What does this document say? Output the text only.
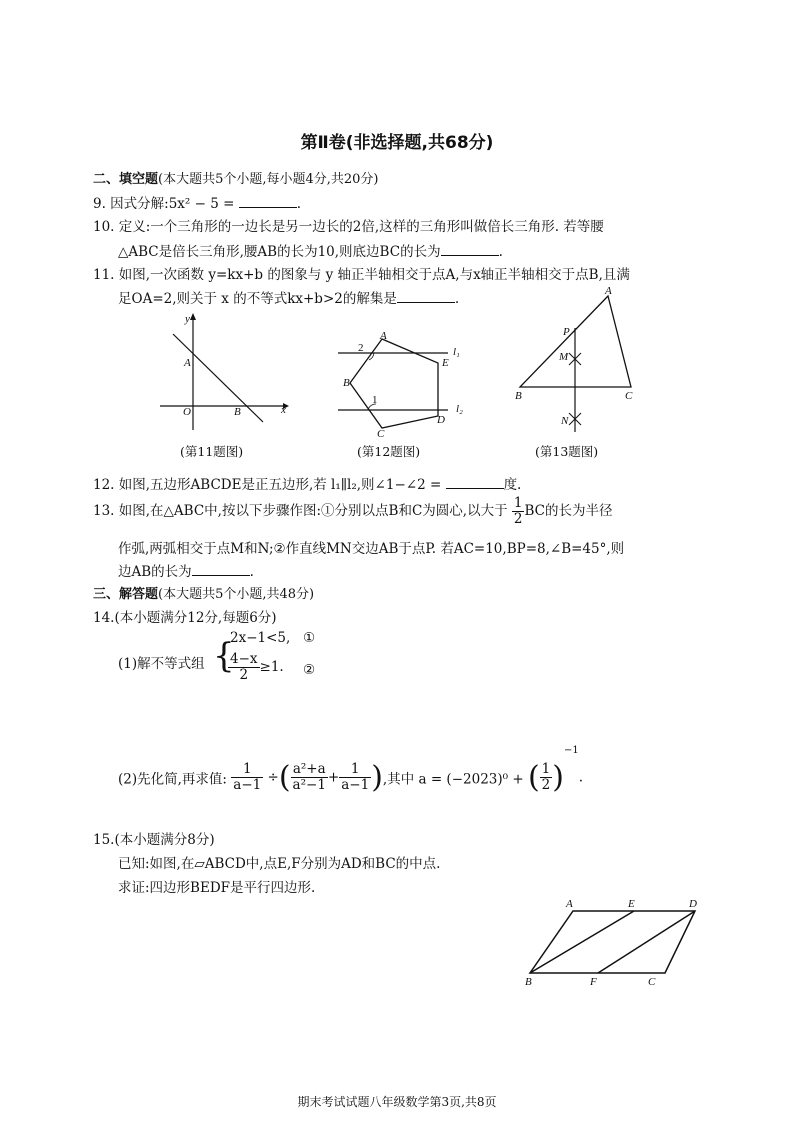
第Ⅱ卷(非选择题,共68分)
二、填空题(本大题共5个小题,每小题4分,共20分)
9. 因式分解:5x² − 5 =	.
10. 定义:一个三角形的一边长是另一边长的2倍,这样的三角形叫做倍长三角形. 若等腰
△ABC是倍长三角形,腰AB的长为10,则底边BC的长为	.
11. 如图,一次函数 y=kx+b 的图象与 y 轴正半轴相交于点A,与x轴正半轴相交于点B,且满
足OA=2,则关于 x 的不等式kx+b>2的解集是	.
y
x
A
O	B
(第11题图)
A
E
B
D
C
l₁
l₂
2
1
(第12题图)
A
P
M
B	C
N
(第13题图)
12. 如图,五边形ABCDE是正五边形,若 l₁∥l₂,则∠1−∠2 =	度.
13. 如图,在△ABC中,按以下步骤作图:①分别以点B和C为圆心,以大于 $\frac{1}{2}$ BC的长为半径
作弧,两弧相交于点M和N;②作直线MN交边AB于点P. 若AC=10,BP=8,∠B=45°,则
边AB的长为	.
三、解答题(本大题共5个小题,共48分)
14.(本小题满分12分,每题6分)
(1)解不等式组 {
2x−1<5, ①
$\frac{4-x}{2} \ge 1$. ②
(2)先化简,再求值: $\frac{1}{a-1}$ ÷( $\frac{\text{a²+a}}{\text{a²−1}} + \frac{1}{a-1}$ ),其中 a = (−2023)⁰ + ( $\frac{1}{2} )^{-1}$.
15.(本小题满分8分)
已知:如图,在▱ABCD中,点E,F分别为AD和BC的中点.
求证:四边形BEDF是平行四边形.
A	E	D
B	F	C
期末考试试题八年级数学第3页,共8页
